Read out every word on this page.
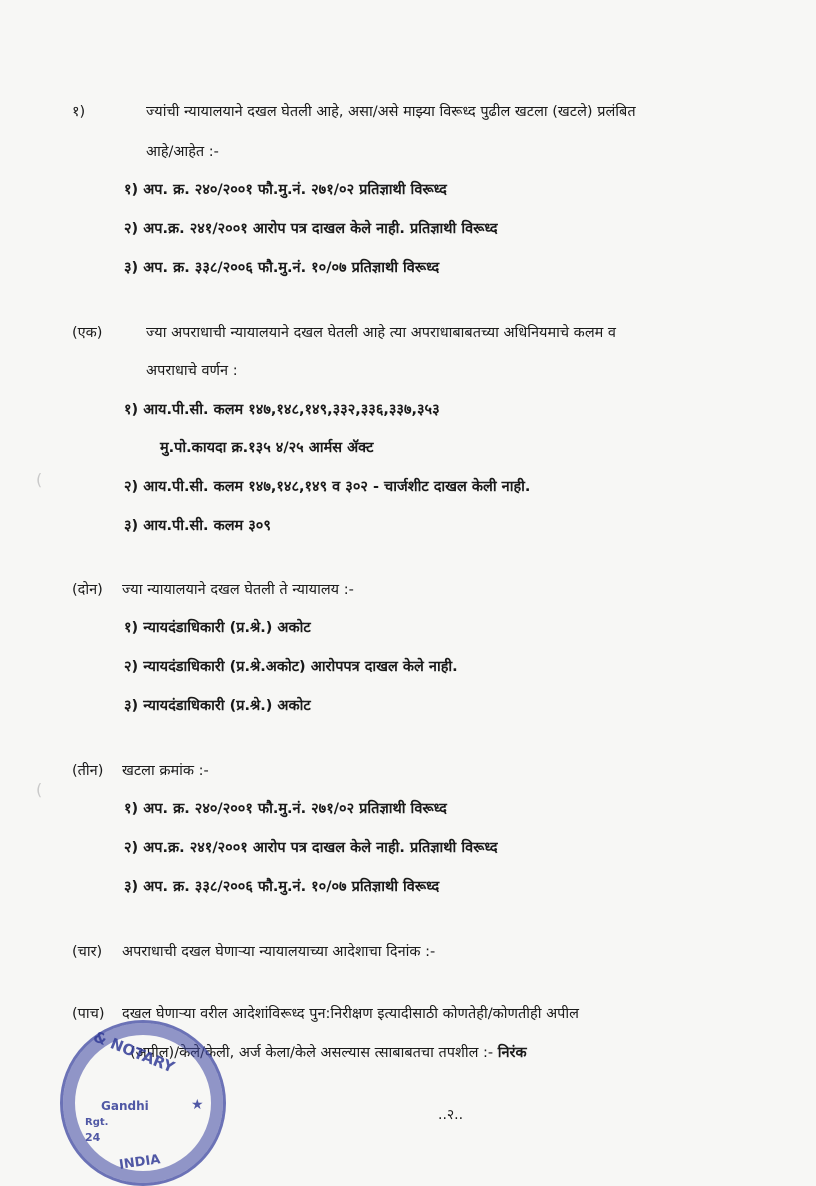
१)	ज्यांची न्यायालयाने दखल घेतली आहे, असा/असे माझ्या विरूध्द पुढील खटला (खटले) प्रलंबित
आहे/आहेत :-
१) अप. क्र. २४०/२००१ फौ.मु.नं. २७१/०२ प्रतिज्ञाथी विरूध्द
२) अप.क्र. २४१/२००१ आरोप पत्र दाखल केले नाही. प्रतिज्ञाथी विरूध्द
३) अप. क्र. ३३८/२००६ फौ.मु.नं. १०/०७ प्रतिज्ञाथी विरूध्द
(एक)	ज्या अपराधाची न्यायालयाने दखल घेतली आहे त्या अपराधाबाबतच्या अधिनियमाचे कलम व
अपराधाचे वर्णन :
१) आय.पी.सी. कलम १४७,१४८,१४९,३३२,३३६,३३७,३५३
मु.पो.कायदा क्र.१३५ ४/२५ आर्मस ॲक्ट
२) आय.पी.सी. कलम १४७,१४८,१४९ व ३०२ - चार्जशीट दाखल केली नाही.
३) आय.पी.सी. कलम ३०९
(दोन) ज्या न्यायालयाने दखल घेतली ते न्यायालय :-
१) न्यायदंडाधिकारी (प्र.श्रे.) अकोट
२) न्यायदंडाधिकारी (प्र.श्रे.अकोट) आरोपपत्र दाखल केले नाही.
३) न्यायदंडाधिकारी (प्र.श्रे.) अकोट
(तीन) खटला क्रमांक :-
१) अप. क्र. २४०/२००१ फौ.मु.नं. २७१/०२ प्रतिज्ञाथी विरूध्द
२) अप.क्र. २४१/२००१ आरोप पत्र दाखल केले नाही. प्रतिज्ञाथी विरूध्द
३) अप. क्र. ३३८/२००६ फौ.मु.नं. १०/०७ प्रतिज्ञाथी विरूध्द
(चार) अपराधाची दखल घेणाऱ्या न्यायालयाच्या आदेशाचा दिनांक :-
(पाच) दखल घेणाऱ्या वरील आदेशांविरूध्द पुन:निरीक्षण इत्यादीसाठी कोणतेही/कोणतीही अपील
(अपील)/केले/केली, अर्ज केला/केले असल्यास त्साबाबतचा तपशील :- निरंक
..२..
& NOTARY
Gandhi
Rgt.
24
INDIA
★
(
(
